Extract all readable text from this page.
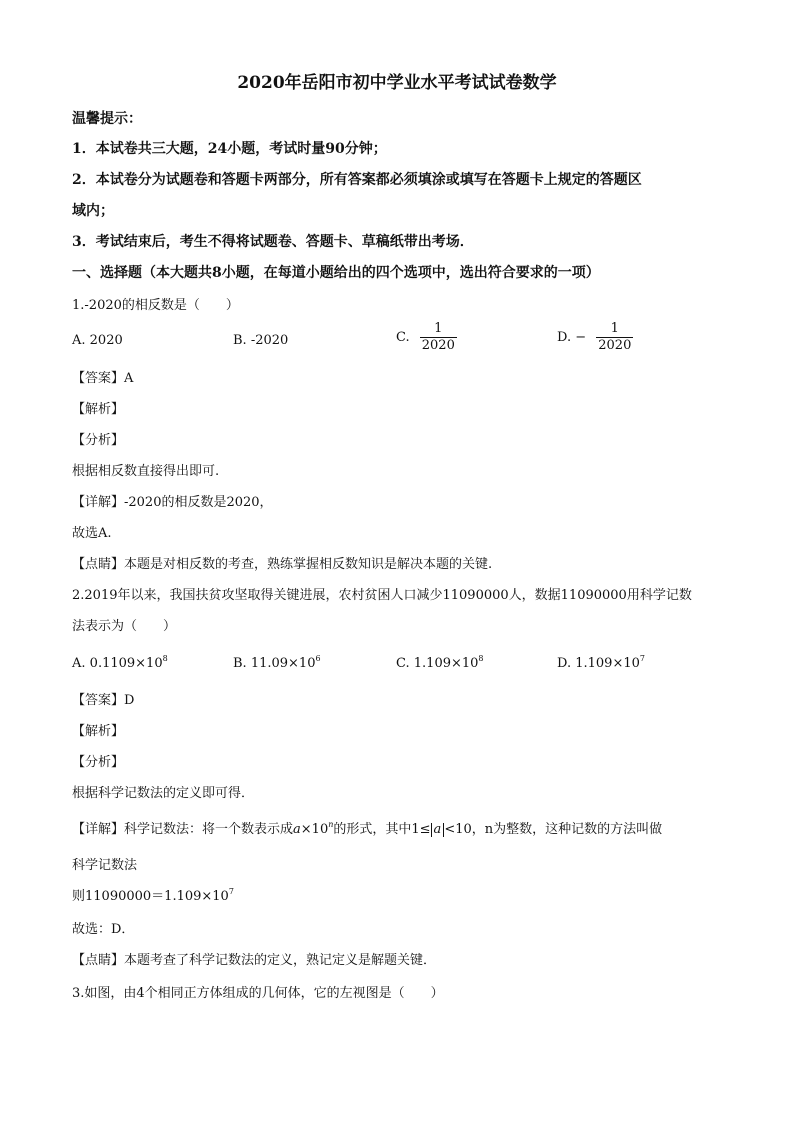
2020年岳阳市初中学业水平考试试卷数学
温馨提示：
1．本试卷共三大题，24小题，考试时量90分钟；
2．本试卷分为试题卷和答题卡两部分，所有答案都必须填涂或填写在答题卡上规定的答题区
域内；
3．考试结束后，考生不得将试题卷、答题卡、草稿纸带出考场．
一、选择题（本大题共8小题，在每道小题给出的四个选项中，选出符合要求的一项）
1.-2020的相反数是（　　）
A. 2020	B. -2020	C. $\frac{1}{2020}$	D. − $\frac{1}{2020}$
【答案】A
【解析】
【分析】
根据相反数直接得出即可.
【详解】-2020的相反数是2020，
故选A.
【点睛】本题是对相反数的考查，熟练掌握相反数知识是解决本题的关键.
2.2019年以来，我国扶贫攻坚取得关键进展，农村贫困人口减少11090000人，数据11090000用科学记数
法表示为（　　）
A. $0.1109\times 10^8$	B. $11.09\times 10^6$	C. $1.109\times 10^8$	D. $1.109\times 10^7$
【答案】D
【解析】
【分析】
根据科学记数法的定义即可得．
【详解】科学记数法：将一个数表示成$a\times 10^n$的形式，其中1≤ a <10，n为整数，这种记数的方法叫做
科学记数法
则$11090000=1.109\times 10^7$
故选：D．
【点睛】本题考查了科学记数法的定义，熟记定义是解题关键．
3.如图，由4个相同正方体组成的几何体，它的左视图是（　　）
